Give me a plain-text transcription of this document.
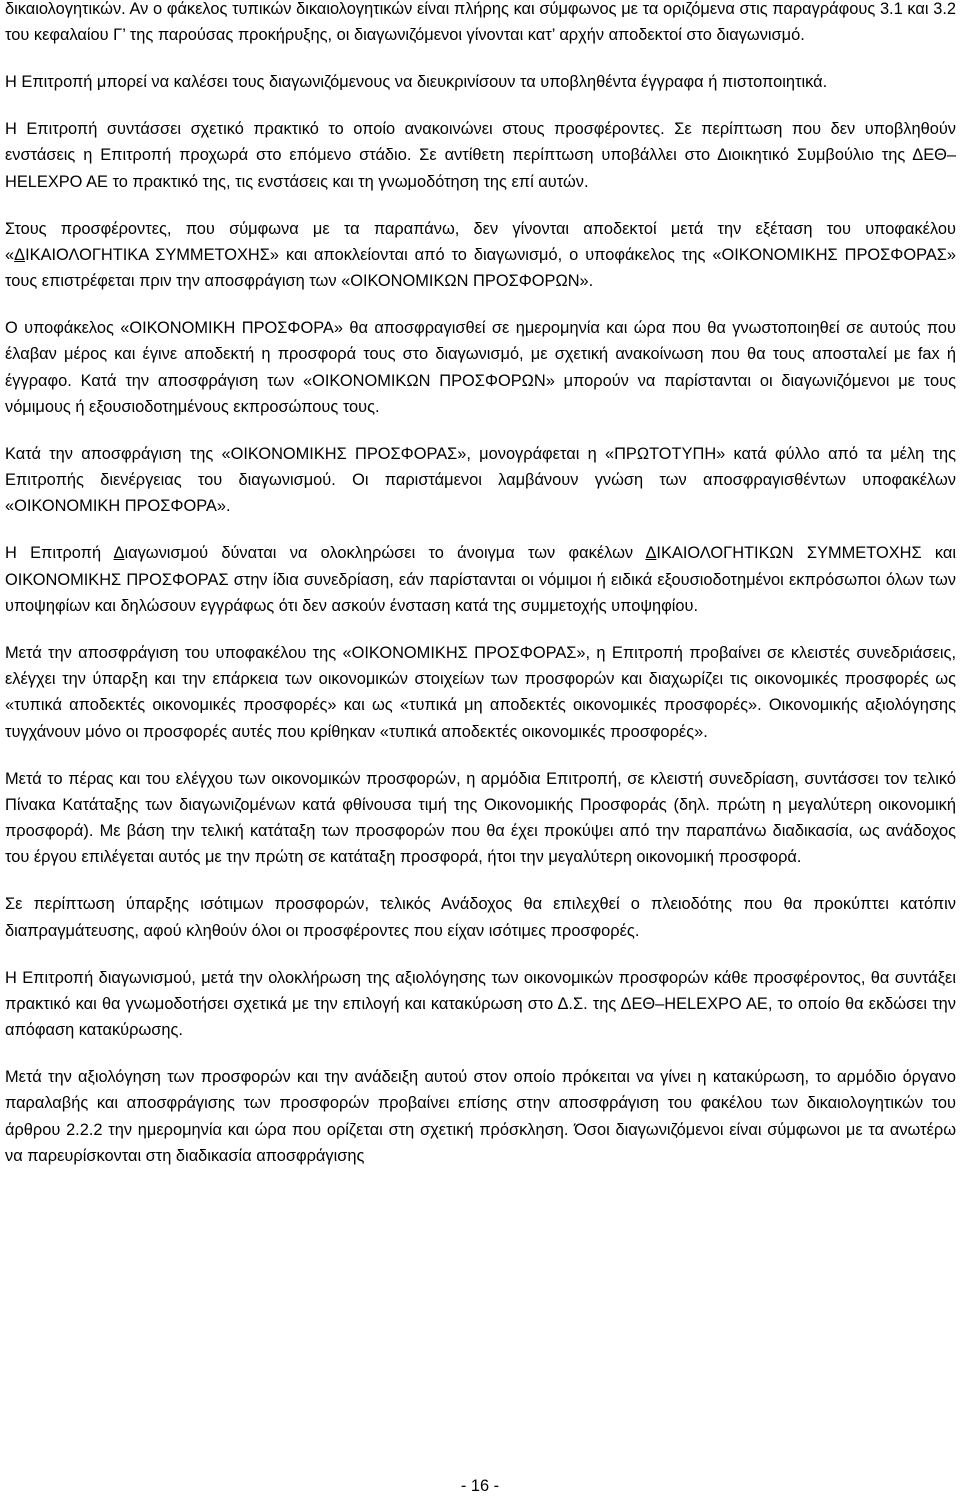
δικαιολογητικών. Αν ο φάκελος τυπικών δικαιολογητικών είναι πλήρης και σύμφωνος με τα οριζόμενα στις παραγράφους 3.1 και 3.2 του κεφαλαίου Γ’ της παρούσας προκήρυξης, οι διαγωνιζόμενοι γίνονται κατ’ αρχήν αποδεκτοί στο διαγωνισμό.

Η Επιτροπή μπορεί να καλέσει τους διαγωνιζόμενους να διευκρινίσουν τα υποβληθέντα έγγραφα ή πιστοποιητικά.

Η Επιτροπή συντάσσει σχετικό πρακτικό το οποίο ανακοινώνει στους προσφέροντες. Σε περίπτωση που δεν υποβληθούν ενστάσεις η Επιτροπή προχωρά στο επόμενο στάδιο. Σε αντίθετη περίπτωση υποβάλλει στο Διοικητικό Συμβούλιο της ΔΕΘ–HELEXPO AE το πρακτικό της, τις ενστάσεις και τη γνωμοδότηση της επί αυτών.

Στους προσφέροντες, που σύμφωνα με τα παραπάνω, δεν γίνονται αποδεκτοί μετά την εξέταση του υποφακέλου «ΔΙΚΑΙΟΛΟΓΗΤΙΚΑ ΣΥΜΜΕΤΟΧΗΣ» και αποκλείονται από το διαγωνισμό, ο υποφάκελος της «ΟΙΚΟΝΟΜΙΚΗΣ ΠΡΟΣΦΟΡΑΣ» τους επιστρέφεται πριν την αποσφράγιση των «ΟΙΚΟΝΟΜΙΚΩΝ ΠΡΟΣΦΟΡΩΝ».

Ο υποφάκελος «ΟΙΚΟΝΟΜΙΚΗ ΠΡΟΣΦΟΡΑ» θα αποσφραγισθεί σε ημερομηνία και ώρα που θα γνωστοποιηθεί σε αυτούς που έλαβαν μέρος και έγινε αποδεκτή η προσφορά τους στο διαγωνισμό, με σχετική ανακοίνωση που θα τους αποσταλεί με fax ή έγγραφο. Κατά την αποσφράγιση των «ΟΙΚΟΝΟΜΙΚΩΝ ΠΡΟΣΦΟΡΩΝ» μπορούν να παρίστανται οι διαγωνιζόμενοι με τους νόμιμους ή εξουσιοδοτημένους εκπροσώπους τους.

Κατά την αποσφράγιση της «ΟΙΚΟΝΟΜΙΚΗΣ ΠΡΟΣΦΟΡΑΣ», μονογράφεται η «ΠΡΩΤΟΤΥΠΗ» κατά φύλλο από τα μέλη της Επιτροπής διενέργειας του διαγωνισμού. Οι παριστάμενοι λαμβάνουν γνώση των αποσφραγισθέντων υποφακέλων «ΟΙΚΟΝΟΜΙΚΗ ΠΡΟΣΦΟΡΑ».

Η Επιτροπή Διαγωνισμού δύναται να ολοκληρώσει το άνοιγμα των φακέλων ΔΙΚΑΙΟΛΟΓΗΤΙΚΩΝ ΣΥΜΜΕΤΟΧΗΣ και ΟΙΚΟΝΟΜΙΚΗΣ ΠΡΟΣΦΟΡΑΣ στην ίδια συνεδρίαση, εάν παρίστανται οι νόμιμοι ή ειδικά εξουσιοδοτημένοι εκπρόσωποι όλων των υποψηφίων και δηλώσουν εγγράφως ότι δεν ασκούν ένσταση κατά της συμμετοχής υποψηφίου.

Μετά την αποσφράγιση του υποφακέλου της «ΟΙΚΟΝΟΜΙΚΗΣ ΠΡΟΣΦΟΡΑΣ», η Επιτροπή προβαίνει σε κλειστές συνεδριάσεις, ελέγχει την ύπαρξη και την επάρκεια των οικονομικών στοιχείων των προσφορών και διαχωρίζει τις οικονομικές προσφορές ως «τυπικά αποδεκτές οικονομικές προσφορές» και ως «τυπικά μη αποδεκτές οικονομικές προσφορές». Οικονομικής αξιολόγησης τυγχάνουν μόνο οι προσφορές αυτές που κρίθηκαν «τυπικά αποδεκτές οικονομικές προσφορές».

Μετά το πέρας και του ελέγχου των οικονομικών προσφορών, η αρμόδια Επιτροπή, σε κλειστή συνεδρίαση, συντάσσει τον τελικό Πίνακα Κατάταξης των διαγωνιζομένων κατά φθίνουσα τιμή της Οικονομικής Προσφοράς (δηλ. πρώτη η μεγαλύτερη οικονομική προσφορά). Με βάση την τελική κατάταξη των προσφορών που θα έχει προκύψει από την παραπάνω διαδικασία, ως ανάδοχος του έργου επιλέγεται αυτός με την πρώτη σε κατάταξη προσφορά, ήτοι την μεγαλύτερη οικονομική προσφορά.

Σε περίπτωση ύπαρξης ισότιμων προσφορών, τελικός Ανάδοχος θα επιλεχθεί ο πλειοδότης που θα προκύπτει κατόπιν διαπραγμάτευσης, αφού κληθούν όλοι οι προσφέροντες που είχαν ισότιμες προσφορές.

Η Επιτροπή διαγωνισμού, μετά την ολοκλήρωση της αξιολόγησης των οικονομικών προσφορών κάθε προσφέροντος, θα συντάξει πρακτικό και θα γνωμοδοτήσει σχετικά με την επιλογή και κατακύρωση στο Δ.Σ. της ΔΕΘ–HELEXPO AE, το οποίο θα εκδώσει την απόφαση κατακύρωσης.

Μετά την αξιολόγηση των προσφορών και την ανάδειξη αυτού στον οποίο πρόκειται να γίνει η κατακύρωση, το αρμόδιο όργανο παραλαβής και αποσφράγισης των προσφορών προβαίνει επίσης στην αποσφράγιση του φακέλου των δικαιολογητικών του άρθρου 2.2.2 την ημερομηνία και ώρα που ορίζεται στη σχετική πρόσκληση. Όσοι διαγωνιζόμενοι είναι σύμφωνοι με τα ανωτέρω να παρευρίσκονται στη διαδικασία αποσφράγισης

- 16 -
